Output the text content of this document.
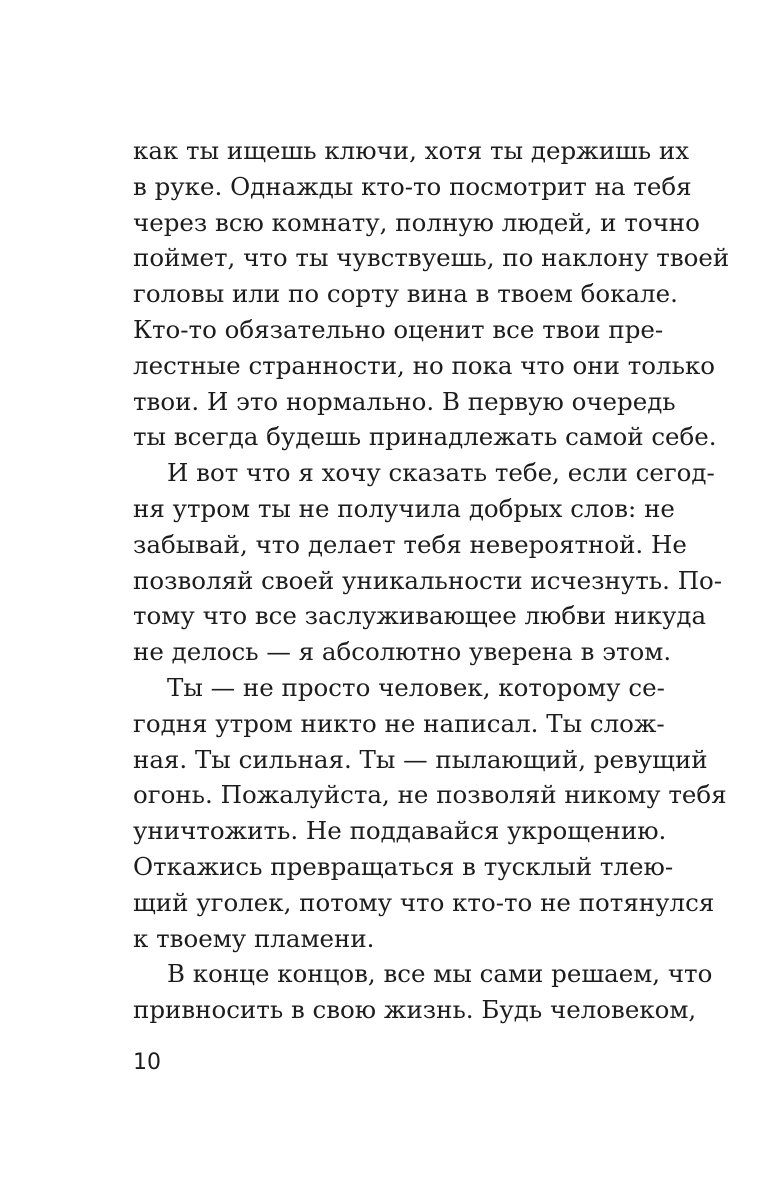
как ты ищешь ключи, хотя ты держишь их
в руке. Однажды кто-то посмотрит на тебя
через всю комнату, полную людей, и точно
поймет, что ты чувствуешь, по наклону твоей
головы или по сорту вина в твоем бокале.
Кто-то обязательно оценит все твои пре-
лестные странности, но пока что они только
твои. И это нормально. В первую очередь
ты всегда будешь принадлежать самой себе.
И вот что я хочу сказать тебе, если сегод-
ня утром ты не получила добрых слов: не
забывай, что делает тебя невероятной. Не
позволяй своей уникальности исчезнуть. По-
тому что все заслуживающее любви никуда
не делось — я абсолютно уверена в этом.
Ты — не просто человек, которому се-
годня утром никто не написал. Ты слож-
ная. Ты сильная. Ты — пылающий, ревущий
огонь. Пожалуйста, не позволяй никому тебя
уничтожить. Не поддавайся укрощению.
Откажись превращаться в тусклый тлею-
щий уголек, потому что кто-то не потянулся
к твоему пламени.
В конце концов, все мы сами решаем, что
привносить в свою жизнь. Будь человеком,
10
